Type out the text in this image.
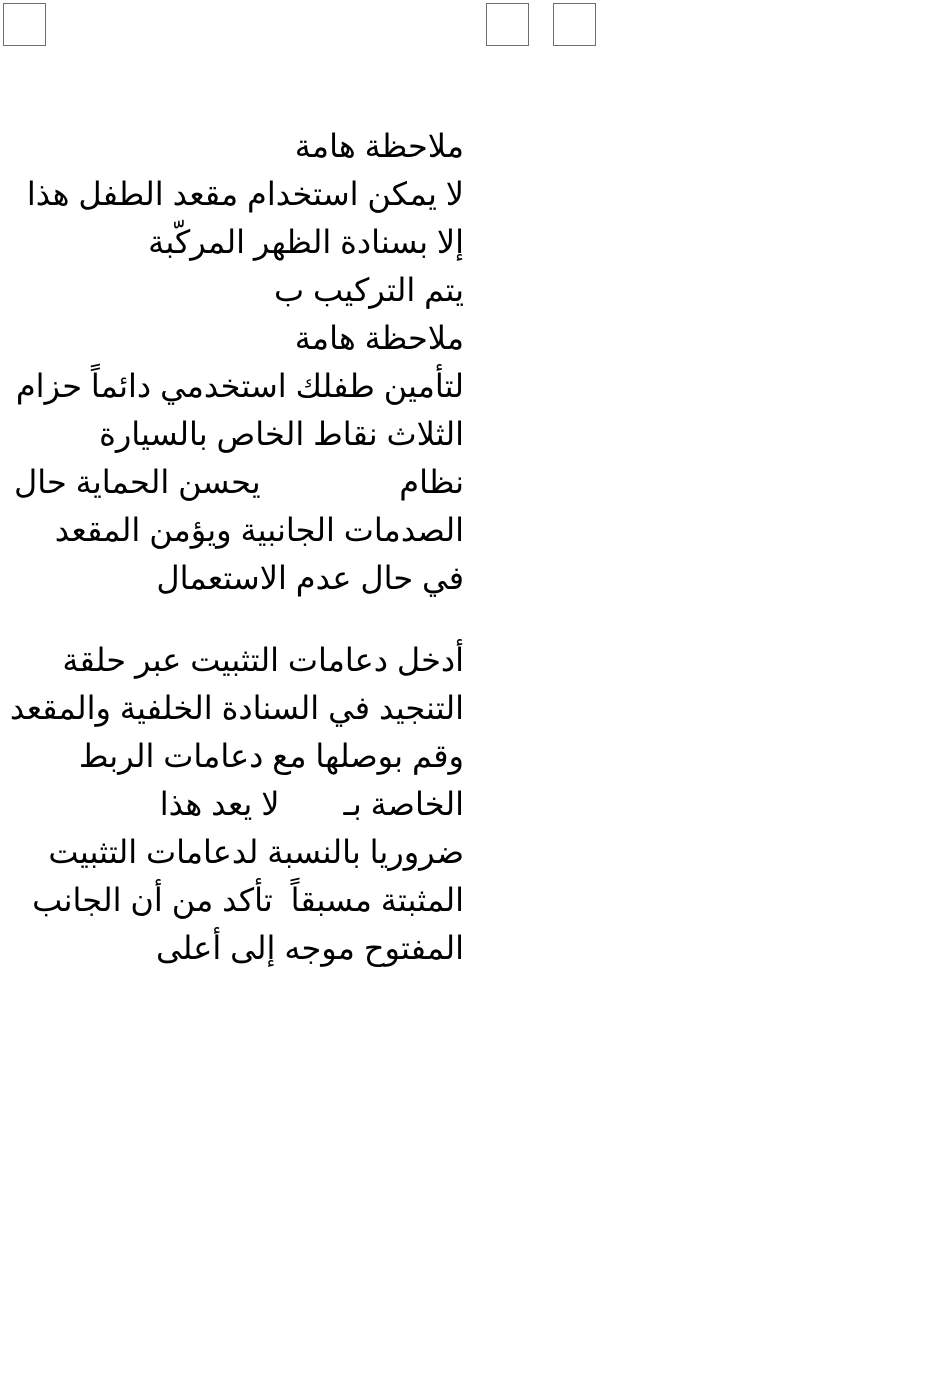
ملاحظة هامة
لا يمكن استخدام مقعد الطفل هذا
إلا بسنادة الظهر المركّبة
يتم التركيب ب
ملاحظة هامة
لتأمين طفلك استخدمي دائماً حزام
الثلاث نقاط الخاص بالسيارة
نظام
يحسن الحماية حال
الصدمات الجانبية ويؤمن المقعد
في حال عدم الاستعمال
أدخل دعامات التثبيت عبر حلقة
التنجيد في السنادة الخلفية والمقعد
وقم بوصلها مع دعامات الربط
الخاصة بـ
لا يعد هذا
ضروريا بالنسبة لدعامات التثبيت
المثبتة مسبقاً  تأكد من أن الجانب
المفتوح موجه إلى أعلى
